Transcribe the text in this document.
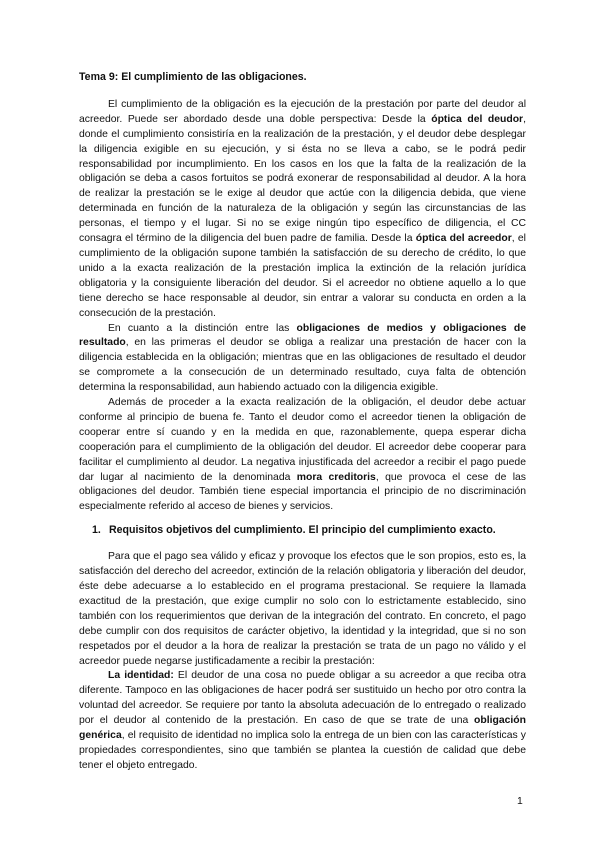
Tema 9: El cumplimiento de las obligaciones.

El cumplimiento de la obligación es la ejecución de la prestación por parte del deudor al acreedor. Puede ser abordado desde una doble perspectiva: Desde la óptica del deudor, donde el cumplimiento consistiría en la realización de la prestación, y el deudor debe desplegar la diligencia exigible en su ejecución, y si ésta no se lleva a cabo, se le podrá pedir responsabilidad por incumplimiento. En los casos en los que la falta de la realización de la obligación se deba a casos fortuitos se podrá exonerar de responsabilidad al deudor. A la hora de realizar la prestación se le exige al deudor que actúe con la diligencia debida, que viene determinada en función de la naturaleza de la obligación y según las circunstancias de las personas, el tiempo y el lugar. Si no se exige ningún tipo específico de diligencia, el CC consagra el término de la diligencia del buen padre de familia. Desde la óptica del acreedor, el cumplimiento de la obligación supone también la satisfacción de su derecho de crédito, lo que unido a la exacta realización de la prestación implica la extinción de la relación jurídica obligatoria y la consiguiente liberación del deudor. Si el acreedor no obtiene aquello a lo que tiene derecho se hace responsable al deudor, sin entrar a valorar su conducta en orden a la consecución de la prestación.

En cuanto a la distinción entre las obligaciones de medios y obligaciones de resultado, en las primeras el deudor se obliga a realizar una prestación de hacer con la diligencia establecida en la obligación; mientras que en las obligaciones de resultado el deudor se compromete a la consecución de un determinado resultado, cuya falta de obtención determina la responsabilidad, aun habiendo actuado con la diligencia exigible.

Además de proceder a la exacta realización de la obligación, el deudor debe actuar conforme al principio de buena fe. Tanto el deudor como el acreedor tienen la obligación de cooperar entre sí cuando y en la medida en que, razonablemente, quepa esperar dicha cooperación para el cumplimiento de la obligación del deudor. El acreedor debe cooperar para facilitar el cumplimiento al deudor. La negativa injustificada del acreedor a recibir el pago puede dar lugar al nacimiento de la denominada mora creditoris, que provoca el cese de las obligaciones del deudor. También tiene especial importancia el principio de no discriminación especialmente referido al acceso de bienes y servicios.

1. Requisitos objetivos del cumplimiento. El principio del cumplimiento exacto.

Para que el pago sea válido y eficaz y provoque los efectos que le son propios, esto es, la satisfacción del derecho del acreedor, extinción de la relación obligatoria y liberación del deudor, éste debe adecuarse a lo establecido en el programa prestacional. Se requiere la llamada exactitud de la prestación, que exige cumplir no solo con lo estrictamente establecido, sino también con los requerimientos que derivan de la integración del contrato. En concreto, el pago debe cumplir con dos requisitos de carácter objetivo, la identidad y la integridad, que si no son respetados por el deudor a la hora de realizar la prestación se trata de un pago no válido y el acreedor puede negarse justificadamente a recibir la prestación:

La identidad: El deudor de una cosa no puede obligar a su acreedor a que reciba otra diferente. Tampoco en las obligaciones de hacer podrá ser sustituido un hecho por otro contra la voluntad del acreedor. Se requiere por tanto la absoluta adecuación de lo entregado o realizado por el deudor al contenido de la prestación. En caso de que se trate de una obligación genérica, el requisito de identidad no implica solo la entrega de un bien con las características y propiedades correspondientes, sino que también se plantea la cuestión de calidad que debe tener el objeto entregado.

1
